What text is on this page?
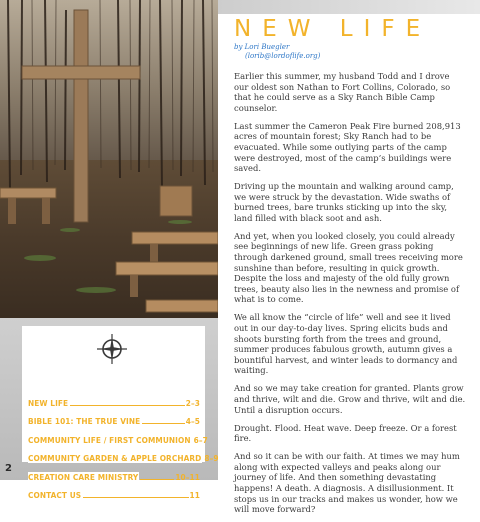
NEW LIFE	2–3
BIBLE 101: THE TRUE VINE	4–5
COMMUNITY LIFE / FIRST COMMUNION 6–7
COMMUNITY GARDEN & APPLE ORCHARD 8–9
CREATION CARE MINISTRY	10–11
CONTACT US	11
2
NEW LIFE
by Lori Buegler
(lorib@lordoflife.org)

Earlier this summer, my husband Todd and I drove our oldest son Nathan to Fort Collins, Colorado, so that he could serve as a Sky Ranch Bible Camp counselor.

Last summer the Cameron Peak Fire burned 208,913 acres of mountain forest; Sky Ranch had to be evacuated. While some outlying parts of the camp were destroyed, most of the camp’s buildings were saved.

Driving up the mountain and walking around camp, we were struck by the devastation. Wide swaths of burned trees, bare trunks sticking up into the sky, land filled with black soot and ash.

And yet, when you looked closely, you could already see beginnings of new life. Green grass poking through darkened ground, small trees receiving more sunshine than before, resulting in quick growth. Despite the loss and majesty of the old fully grown trees, beauty also lies in the newness and promise of what is to come.

We all know the “circle of life” well and see it lived out in our day-to-day lives. Spring elicits buds and shoots bursting forth from the trees and ground, summer produces fabulous growth, autumn gives a bountiful harvest, and winter leads to dormancy and waiting.

And so we may take creation for granted. Plants grow and thrive, wilt and die. Grow and thrive, wilt and die. Until a disruption occurs.

Drought. Flood. Heat wave. Deep freeze. Or a forest fire.

And so it can be with our faith. At times we may hum along with expected valleys and peaks along our journey of life. And then something devastating happens! A death. A diagnosis. A disillusionment. It stops us in our tracks and makes us wonder, how we will move forward?
